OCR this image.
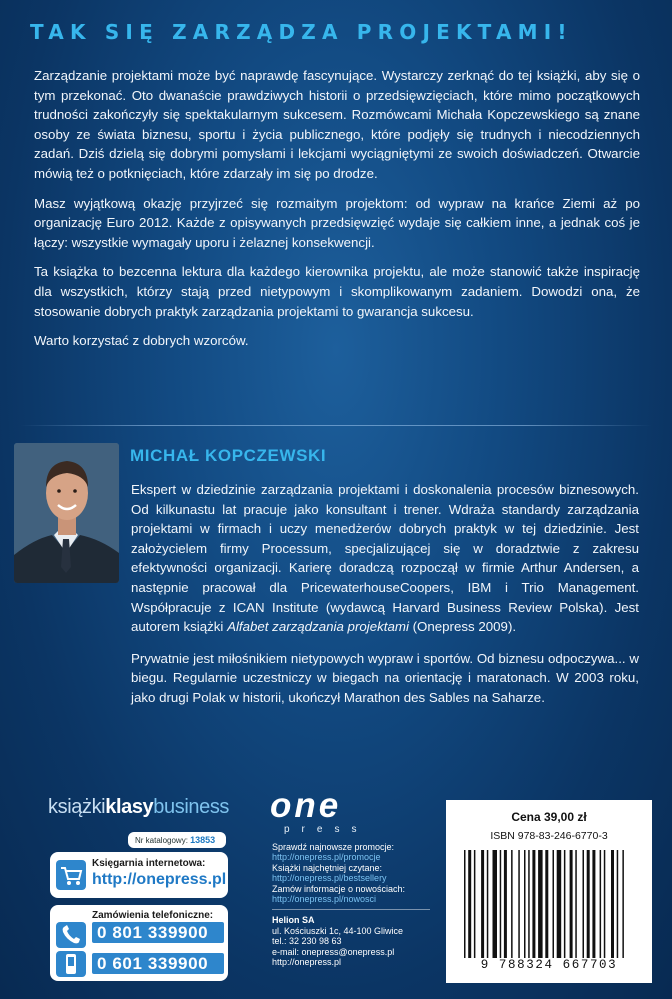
TAK SIĘ ZARZĄDZA PROJEKTAMI!

Zarządzanie projektami może być naprawdę fascynujące. Wystarczy zerknąć do tej książki, aby się o tym przekonać. Oto dwanaście prawdziwych historii o przedsięwzięciach, które mimo początkowych trudności zakończyły się spektakularnym sukcesem. Rozmówcami Michała Kopczewskiego są znane osoby ze świata biznesu, sportu i życia publicznego, które podjęły się trudnych i niecodziennych zadań. Dziś dzielą się dobrymi pomysłami i lekcjami wyciągniętymi ze swoich doświadczeń. Otwarcie mówią też o potknięciach, które zdarzały im się po drodze.

Masz wyjątkową okazję przyjrzeć się rozmaitym projektom: od wypraw na krańce Ziemi aż po organizację Euro 2012. Każde z opisywanych przedsięwzięć wydaje się całkiem inne, a jednak coś je łączy: wszystkie wymagały uporu i żelaznej konsekwencji.

Ta książka to bezcenna lektura dla każdego kierownika projektu, ale może stanowić także inspirację dla wszystkich, którzy stają przed nietypowym i skomplikowanym zadaniem. Dowodzi ona, że stosowanie dobrych praktyk zarządzania projektami to gwarancja sukcesu.

Warto korzystać z dobrych wzorców.

MICHAŁ KOPCZEWSKI

Ekspert w dziedzinie zarządzania projektami i doskonalenia procesów biznesowych. Od kilkunastu lat pracuje jako konsultant i trener. Wdraża standardy zarządzania projektami w firmach i uczy menedżerów dobrych praktyk w tej dziedzinie. Jest założycielem firmy Processum, specjalizującej się w doradztwie z zakresu efektywności organizacji. Karierę doradczą rozpoczął w firmie Arthur Andersen, a następnie pracował dla PricewaterhouseCoopers, IBM i Trio Management. Współpracuje z ICAN Institute (wydawcą Harvard Business Review Polska). Jest autorem książki Alfabet zarządzania projektami (Onepress 2009).

Prywatnie jest miłośnikiem nietypowych wypraw i sportów. Od biznesu odpoczywa... w biegu. Regularnie uczestniczy w biegach na orientację i maratonach. W 2003 roku, jako drugi Polak w historii, ukończył Marathon des Sables na Saharze.

książkiklasybusiness
Nr katalogowy: 13853
Księgarnia internetowa:
http://onepress.pl
Zamówienia telefoniczne:
0 801 339900
0 601 339900
one
press
Sprawdź najnowsze promocje:
http://onepress.pl/promocje
Książki najchętniej czytane:
http://onepress.pl/bestsellery
Zamów informacje o nowościach:
http://onepress.pl/nowosci
Helion SA
ul. Kościuszki 1c, 44-100 Gliwice
tel.: 32 230 98 63
e-mail: onepress@onepress.pl
http://onepress.pl
Cena 39,00 zł
ISBN 978-83-246-6770-3
9 788324 667703
